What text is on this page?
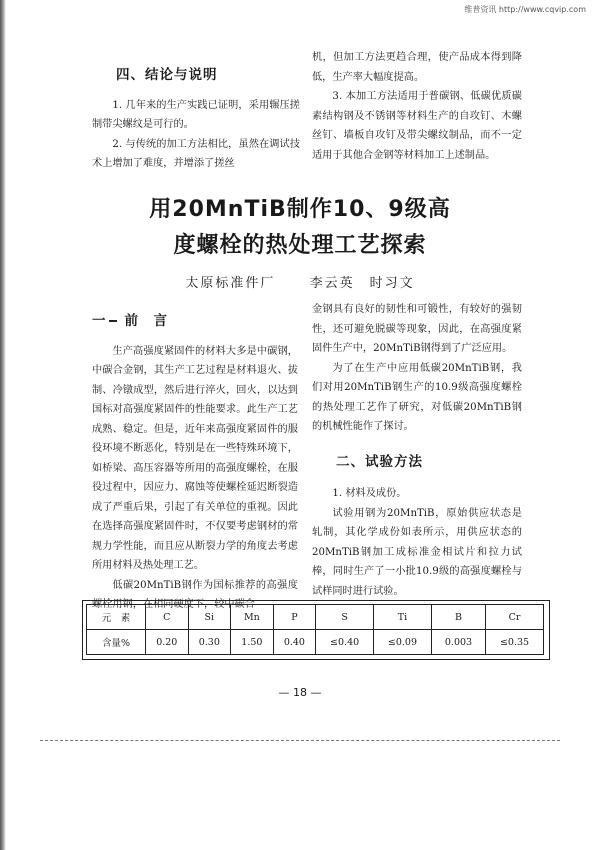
维普资讯 http://www.cqvip.com
四、结论与说明

1. 几年来的生产实践已证明，采用辗压搓制带尖螺纹是可行的。

2. 与传统的加工方法相比，虽然在调试技术上增加了难度，并增添了搓丝

机，但加工方法更趋合理，使产品成本得到降低，生产率大幅度提高。

3. 本加工方法适用于普碳钢、低碳优质碳素结构钢及不锈钢等材料生产的自攻钉、木螺丝钉、墙板自攻钉及带尖螺纹制品，而不一定适用于其他合金钢等材料加工上述制品。

用20MnTiB制作10、9级高
度螺栓的热处理工艺探索
太原标准件厂	李云英　时习文
一 前　言

生产高强度紧固件的材料大多是中碳钢，中碳合金钢，其生产工艺过程是材料退火、拔制、冷镦成型，然后进行淬火，回火，以达到国标对高强度紧固件的性能要求。此生产工艺成熟、稳定。但是，近年来高强度紧固件的服役环境不断恶化，特别是在一些特殊环境下，如桥梁、高压容器等所用的高强度螺栓，在服役过程中，因应力、腐蚀等使螺栓延迟断裂造成了严重后果，引起了有关单位的重视。因此在选择高强度紧固件时，不仅要考虑钢材的常规力学性能，而且应从断裂力学的角度去考虑所用材料及热处理工艺。

低碳20MnTiB钢作为国标推荐的高强度螺栓用钢，在相同硬度下，较中碳合

金钢具有良好的韧性和可锻性，有较好的强韧性，还可避免脱碳等现象，因此，在高强度紧固件生产中，20MnTiB钢得到了广泛应用。

为了在生产中应用低碳20MnTiB钢，我们对用20MnTiB钢生产的10.9级高强度螺栓的热处理工艺作了研究，对低碳20MnTiB钢的机械性能作了探讨。

二、试验方法

1. 材料及成份。

试验用钢为20MnTiB，原始供应状态是轧制，其化学成份如表所示，用供应状态的20MnTiB钢加工成标准金相试片和拉力试棒，同时生产了一小批10.9级的高强度螺栓与试样同时进行试验。

元　素	C	Si	Mn	P	S	Ti	B	Cr
含量%	0.20	0.30	1.50	0.40	≤0.40	≤0.09	0.003	≤0.35
— 18 —
